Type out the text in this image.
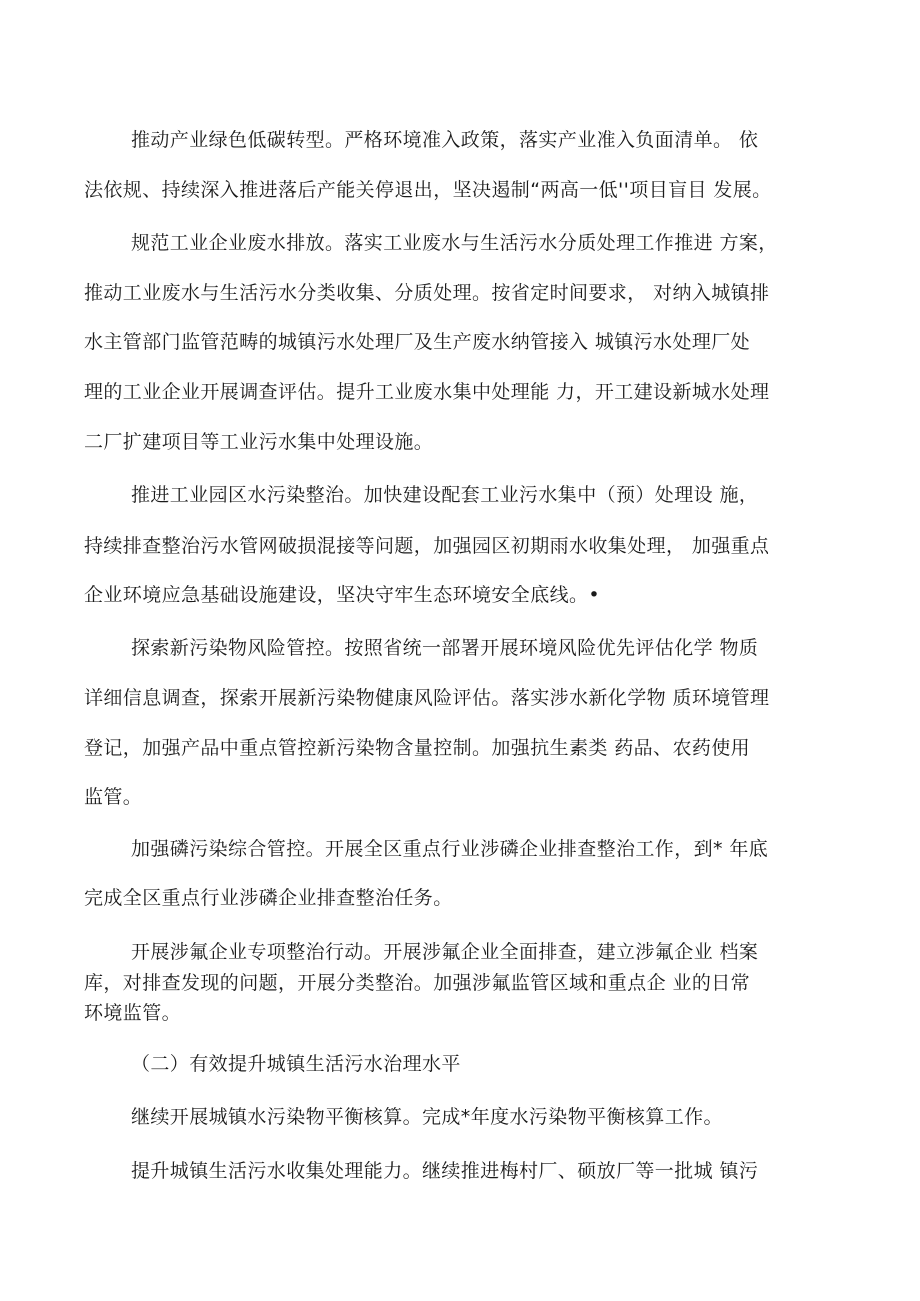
推动产业绿色低碳转型。严格环境准入政策，落实产业准入负面清单。 依
法依规、持续深入推进落后产能关停退出，坚决遏制“两高一低''项目盲目 发展。
规范工业企业废水排放。落实工业废水与生活污水分质处理工作推进 方案，
推动工业废水与生活污水分类收集、分质处理。按省定时间要求， 对纳入城镇排
水主管部门监管范畴的城镇污水处理厂及生产废水纳管接入 城镇污水处理厂处
理的工业企业开展调查评估。提升工业废水集中处理能 力，开工建设新城水处理
二厂扩建项目等工业污水集中处理设施。
推进工业园区水污染整治。加快建设配套工业污水集中（预）处理设 施，
持续排查整治污水管网破损混接等问题，加强园区初期雨水收集处理， 加强重点
企业环境应急基础设施建设，坚决守牢生态环境安全底线。•
探索新污染物风险管控。按照省统一部署开展环境风险优先评估化学 物质
详细信息调查，探索开展新污染物健康风险评估。落实涉水新化学物 质环境管理
登记，加强产品中重点管控新污染物含量控制。加强抗生素类 药品、农药使用
监管。
加强磷污染综合管控。开展全区重点行业涉磷企业排查整治工作，到* 年底
完成全区重点行业涉磷企业排查整治任务。
开展涉氟企业专项整治行动。开展涉氟企业全面排查，建立涉氟企业 档案
库，对排查发现的问题，开展分类整治。加强涉氟监管区域和重点企 业的日常
环境监管。
（二）有效提升城镇生活污水治理水平
继续开展城镇水污染物平衡核算。完成*年度水污染物平衡核算工作。
提升城镇生活污水收集处理能力。继续推进梅村厂、硕放厂等一批城 镇污
